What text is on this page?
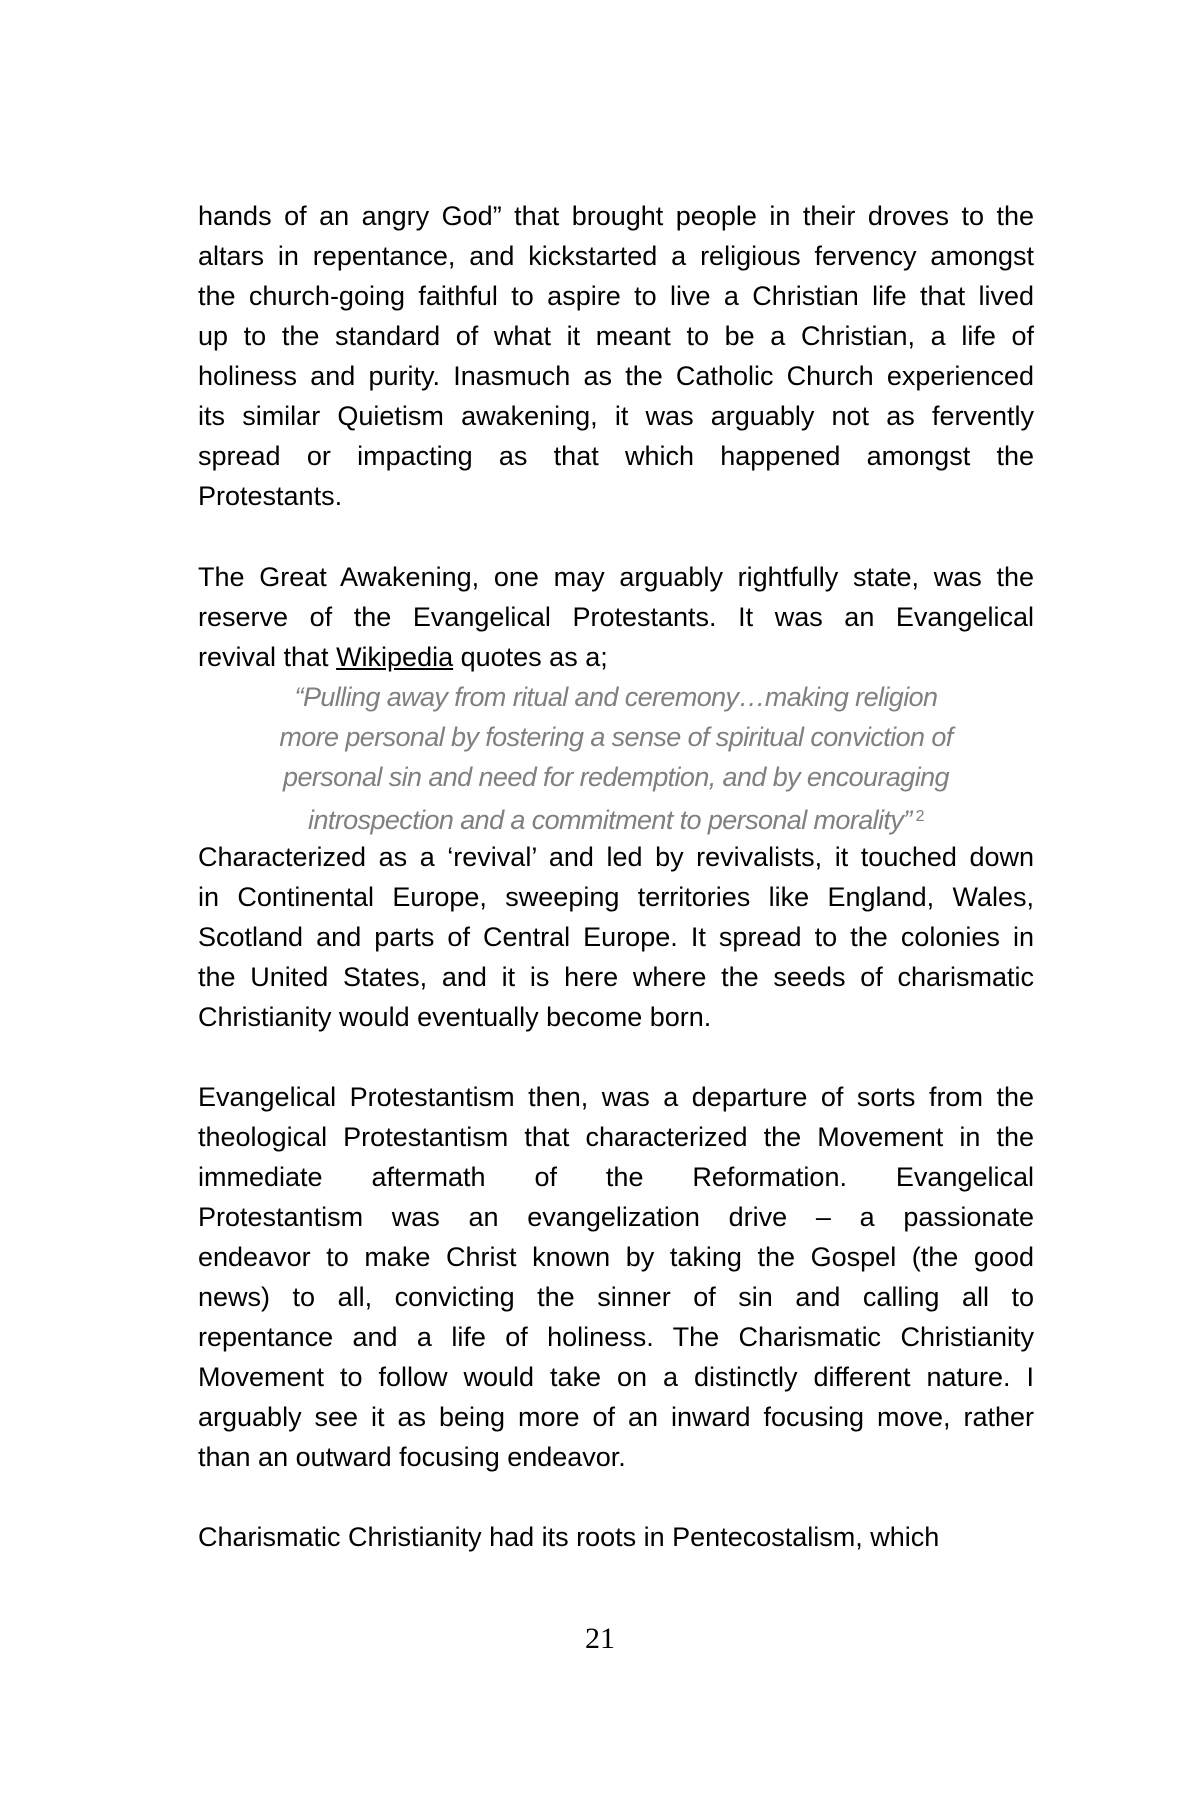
hands of an angry God” that brought people in their droves to the
altars in repentance, and kickstarted a religious fervency amongst
the church-going faithful to aspire to live a Christian life that lived
up to the standard of what it meant to be a Christian, a life of
holiness and purity. Inasmuch as the Catholic Church experienced
its similar Quietism awakening, it was arguably not as fervently
spread or impacting as that which happened amongst the
Protestants.
The Great Awakening, one may arguably rightfully state, was the
reserve of the Evangelical Protestants. It was an Evangelical
revival that Wikipedia quotes as a;
“Pulling away from ritual and ceremony…making religion
more personal by fostering a sense of spiritual conviction of
personal sin and need for redemption, and by encouraging
introspection and a commitment to personal morality” $^2$
Characterized as a ‘revival’ and led by revivalists, it touched down
in Continental Europe, sweeping territories like England, Wales,
Scotland and parts of Central Europe. It spread to the colonies in
the United States, and it is here where the seeds of charismatic
Christianity would eventually become born.
Evangelical Protestantism then, was a departure of sorts from the
theological Protestantism that characterized the Movement in the
immediate aftermath of the Reformation. Evangelical
Protestantism was an evangelization drive – a passionate
endeavor to make Christ known by taking the Gospel (the good
news) to all, convicting the sinner of sin and calling all to
repentance and a life of holiness. The Charismatic Christianity
Movement to follow would take on a distinctly different nature. I
arguably see it as being more of an inward focusing move, rather
than an outward focusing endeavor.
Charismatic Christianity had its roots in Pentecostalism, which
21
